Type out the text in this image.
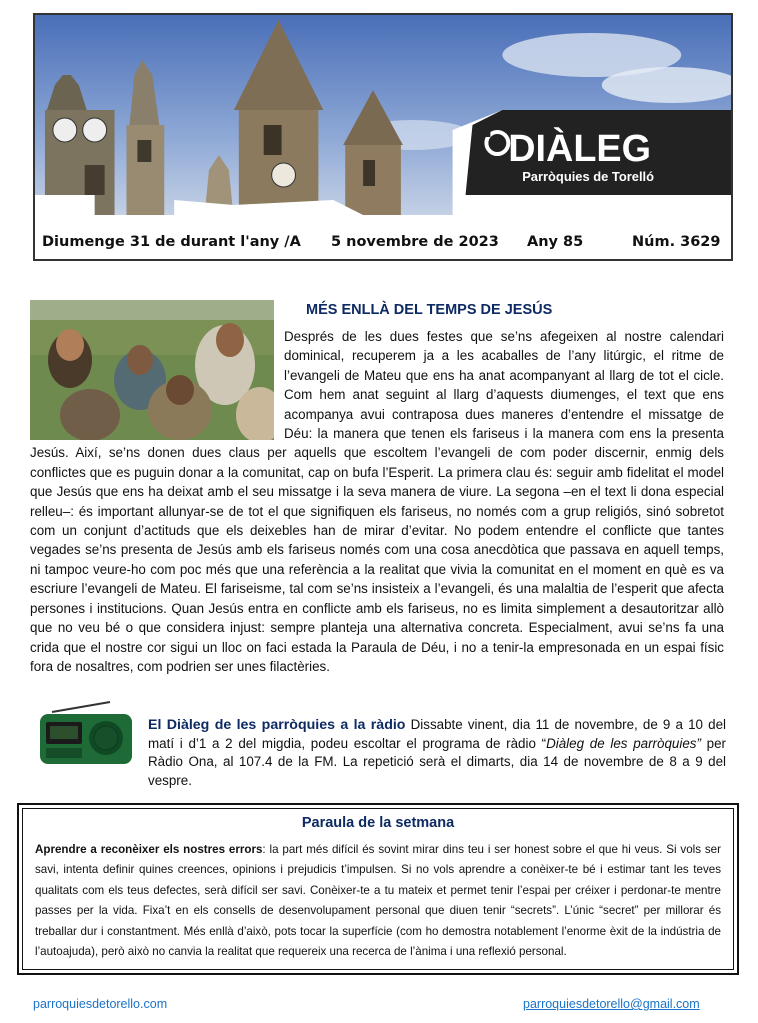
DIÀLEG
Parròquies de Torelló
Diumenge 31 de durant l'any /A 5 novembre de 2023 Any 85	Núm. 3629
MÉS ENLLÀ DEL TEMPS DE JESÚS
Després de les dues festes que se’ns afegeixen al nostre calendari dominical, recuperem ja a les acaballes de l’any litúrgic, el ritme de l’evangeli de Mateu que ens ha anat acompanyant al llarg de tot el cicle. Com hem anat seguint al llarg d’aquests diumenges, el text que ens acompanya avui contraposa dues maneres d’entendre el missatge de Déu: la manera que tenen els fariseus i la manera com ens la presenta Jesús. Així, se’ns donen dues claus per aquells que escoltem l’evangeli de com poder discernir, enmig dels conflictes que es puguin donar a la comunitat, cap on bufa l’Esperit. La primera clau és: seguir amb fidelitat el model que Jesús que ens ha deixat amb el seu missatge i la seva manera de viure. La segona –en el text li dona especial relleu–: és important allunyar-se de tot el que signifiquen els fariseus, no només com a grup religiós, sinó sobretot com un conjunt d’actituds que els deixebles han de mirar d’evitar. No podem entendre el conflicte que tantes vegades se’ns presenta de Jesús amb els fariseus només com una cosa anecdòtica que passava en aquell temps, ni tampoc veure-ho com poc més que una referència a la realitat que vivia la comunitat en el moment en què es va escriure l’evangeli de Mateu. El fariseisme, tal com se’ns insisteix a l’evangeli, és una malaltia de l’esperit que afecta persones i institucions. Quan Jesús entra en conflicte amb els fariseus, no es limita simplement a desautoritzar allò que no veu bé o que considera injust: sempre planteja una alternativa concreta. Especialment, avui se’ns fa una crida que el nostre cor sigui un lloc on faci estada la Paraula de Déu, i no a tenir-la empresonada en un espai físic fora de nosaltres, com podrien ser unes filactèries.
El Diàleg de les parròquies a la ràdio Dissabte vinent, dia 11 de novembre, de 9 a 10 del matí i d’1 a 2 del migdia, podeu escoltar el programa de ràdio “Diàleg de les parròquies” per Ràdio Ona, al 107.4 de la FM. La repetició serà el dimarts, dia 14 de novembre de 8 a 9 del vespre.
Paraula de la setmana
Aprendre a reconèixer els nostres errors: la part més difícil és sovint mirar dins teu i ser honest sobre el que hi veus. Si vols ser savi, intenta definir quines creences, opinions i prejudicis t’impulsen. Si no vols aprendre a conèixer-te bé i estimar tant les teves qualitats com els teus defectes, serà difícil ser savi. Conèixer-te a tu mateix et permet tenir l’espai per créixer i perdonar-te mentre passes per la vida. Fixa’t en els consells de desenvolupament personal que diuen tenir “secrets”. L’únic “secret” per millorar és treballar dur i constantment. Més enllà d’això, pots tocar la superfície (com ho demostra notablement l’enorme èxit de la indústria de l’autoajuda), però això no canvia la realitat que requereix una recerca de l’ànima i una reflexió personal.
parroquiesdetorello.com	parroquiesdetorello@gmail.com
